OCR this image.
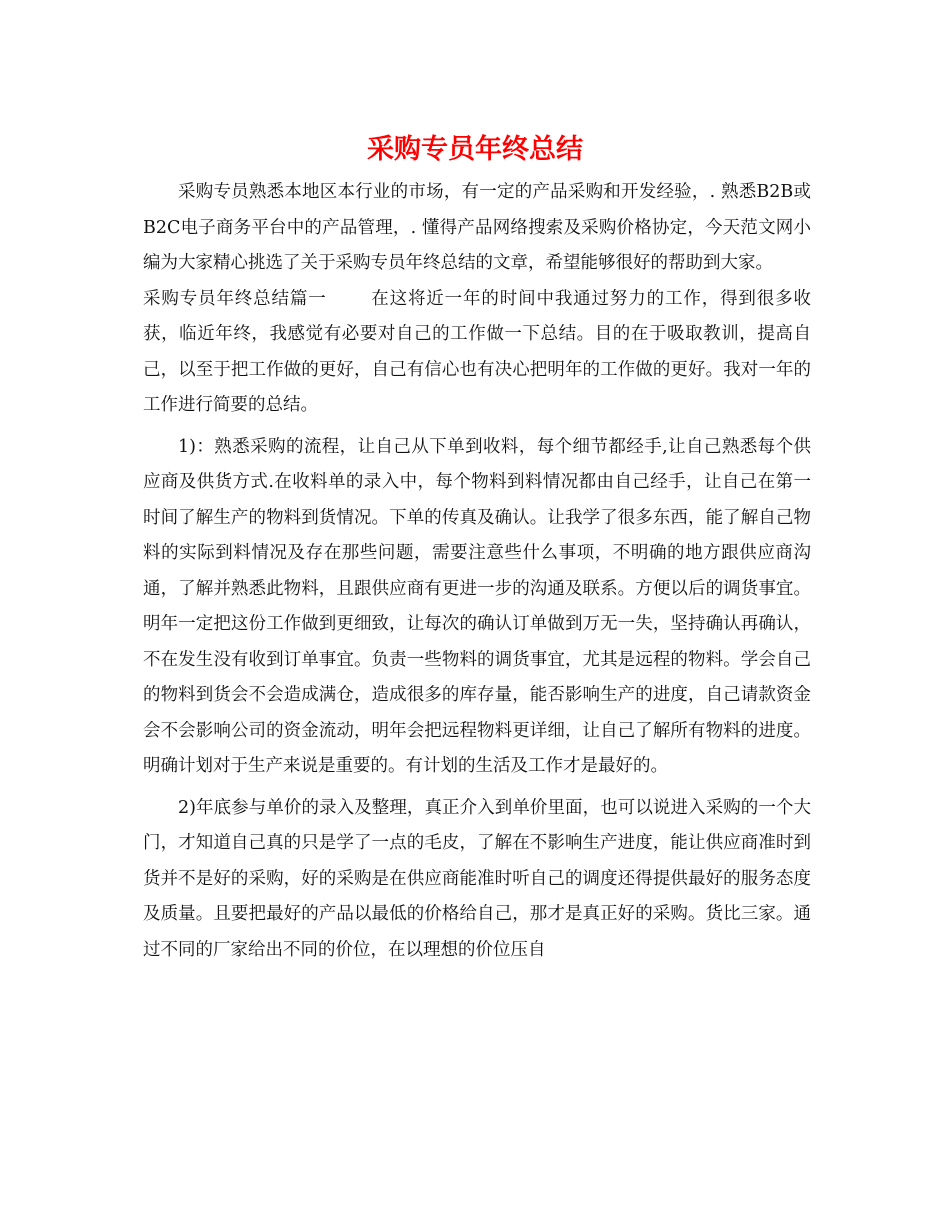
采购专员年终总结

采购专员熟悉本地区本行业的市场，有一定的产品采购和开发经验，. 熟悉B2B或B2C电子商务平台中的产品管理，. 懂得产品网络搜索及采购价格协定，今天范文网小编为大家精心挑选了关于采购专员年终总结的文章，希望能够很好的帮助到大家。

采购专员年终总结篇一	在这将近一年的时间中我通过努力的工作，得到很多收获，临近年终，我感觉有必要对自己的工作做一下总结。目的在于吸取教训，提高自己，以至于把工作做的更好，自己有信心也有决心把明年的工作做的更好。我对一年的工作进行简要的总结。

1)：熟悉采购的流程，让自己从下单到收料，每个细节都经手,让自己熟悉每个供应商及供货方式.在收料单的录入中，每个物料到料情况都由自己经手，让自己在第一时间了解生产的物料到货情况。下单的传真及确认。让我学了很多东西，能了解自己物料的实际到料情况及存在那些问题，需要注意些什么事项，不明确的地方跟供应商沟通，了解并熟悉此物料，且跟供应商有更进一步的沟通及联系。方便以后的调货事宜。明年一定把这份工作做到更细致，让每次的确认订单做到万无一失，坚持确认再确认，不在发生没有收到订单事宜。负责一些物料的调货事宜，尤其是远程的物料。学会自己的物料到货会不会造成满仓，造成很多的库存量，能否影响生产的进度，自己请款资金会不会影响公司的资金流动，明年会把远程物料更详细，让自己了解所有物料的进度。明确计划对于生产来说是重要的。有计划的生活及工作才是最好的。

2)年底参与单价的录入及整理，真正介入到单价里面，也可以说进入采购的一个大门，才知道自己真的只是学了一点的毛皮，了解在不影响生产进度，能让供应商准时到货并不是好的采购，好的采购是在供应商能准时听自己的调度还得提供最好的服务态度及质量。且要把最好的产品以最低的价格给自己，那才是真正好的采购。货比三家。通过不同的厂家给出不同的价位，在以理想的价位压自
